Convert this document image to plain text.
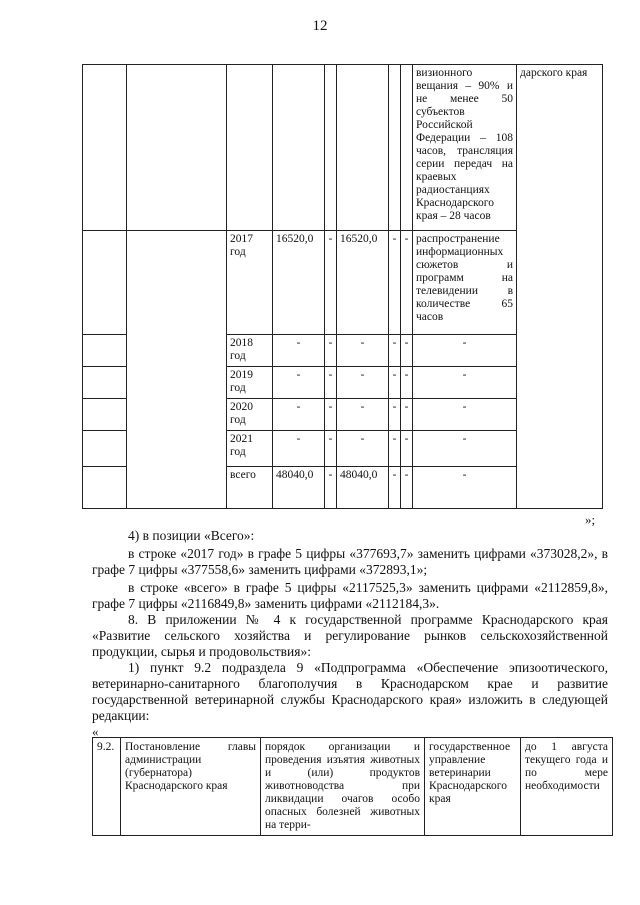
12
								визионного вещания – 90% и не менее 50 субъектов Российской Федерации – 108 часов, трансляция серии передач на краевых радиостанциях Краснодарского края – 28 часов	дарского края
		2017 год	16520,0	-	16520,0	-	-	распространение информационных сюжетов и программ на телевидении в количестве 65 часов	
		2018 год	-	-	-	-	-	-	
		2019 год	-	-	-	-	-	-	
		2020 год	-	-	-	-	-	-	
		2021 год	-	-	-	-	-	-	
		всего	48040,0	-	48040,0	-	-	-	
»;
4) в позиции «Всего»:
в строке «2017 год» в графе 5 цифры «377693,7» заменить цифрами «373028,2», в графе 7 цифры «377558,6» заменить цифрами «372893,1»;
в строке «всего» в графе 5 цифры «2117525,3» заменить цифрами «2112859,8», графе 7 цифры «2116849,8» заменить цифрами «2112184,3».
8. В приложении № 4 к государственной программе Краснодарского края «Развитие сельского хозяйства и регулирование рынков сельскохозяйственной продукции, сырья и продовольствия»:
1) пункт 9.2 подраздела 9 «Подпрограмма «Обеспечение эпизоотического, ветеринарно-санитарного благополучия в Краснодарском крае и развитие государственной ветеринарной службы Краснодарского края» изложить в следующей редакции:
«
9.2.	Постановление главы администрации (губернатора) Краснодарского края	порядок организации и проведения изъятия животных и (или) продуктов животноводства при ликвидации очагов особо опасных болезней животных на терри-	государственное управление ветеринарии Краснодарского края	до 1 августа текущего года и по мере необходимости
